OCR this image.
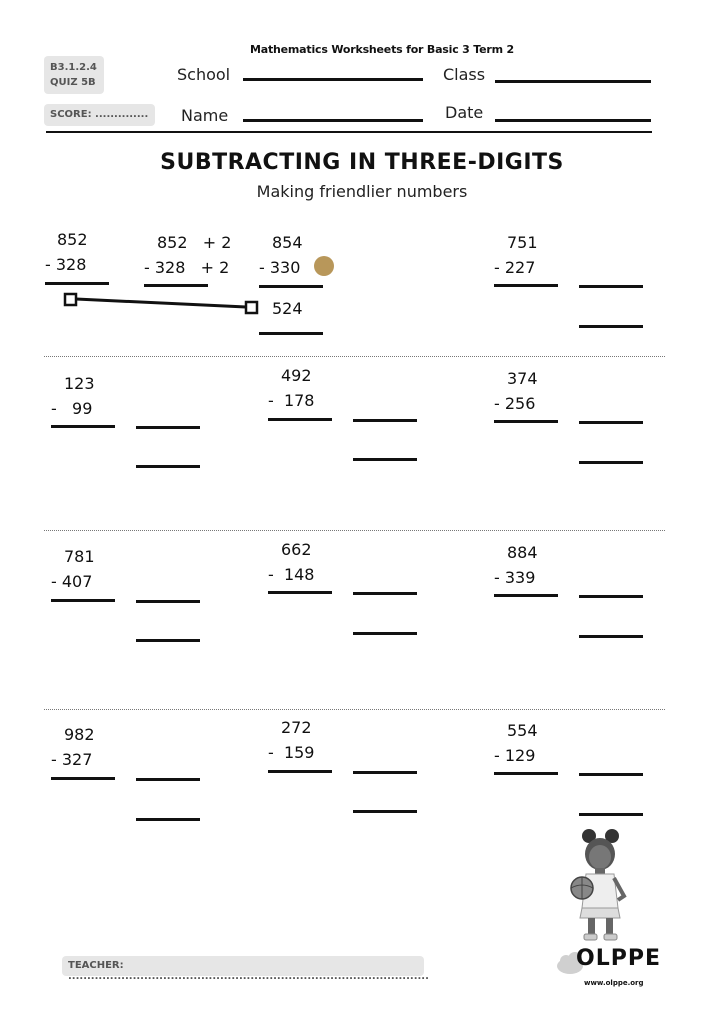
Mathematics Worksheets for Basic 3 Term 2
B3.1.2.4
QUIZ 5B
SCORE: ..............
School	Class
Name	Date
SUBTRACTING IN THREE-DIGITS
Making friendlier numbers
852
- 328
852   + 2
- 328   + 2
854
- 330
524
751
- 227
123
-   99
492
-  178
374
- 256
781
- 407
662
-  148
884
- 339
982
- 327
272
-  159
554
- 129
TEACHER: ...............................................................................................
OLPPE
www.olppe.org
